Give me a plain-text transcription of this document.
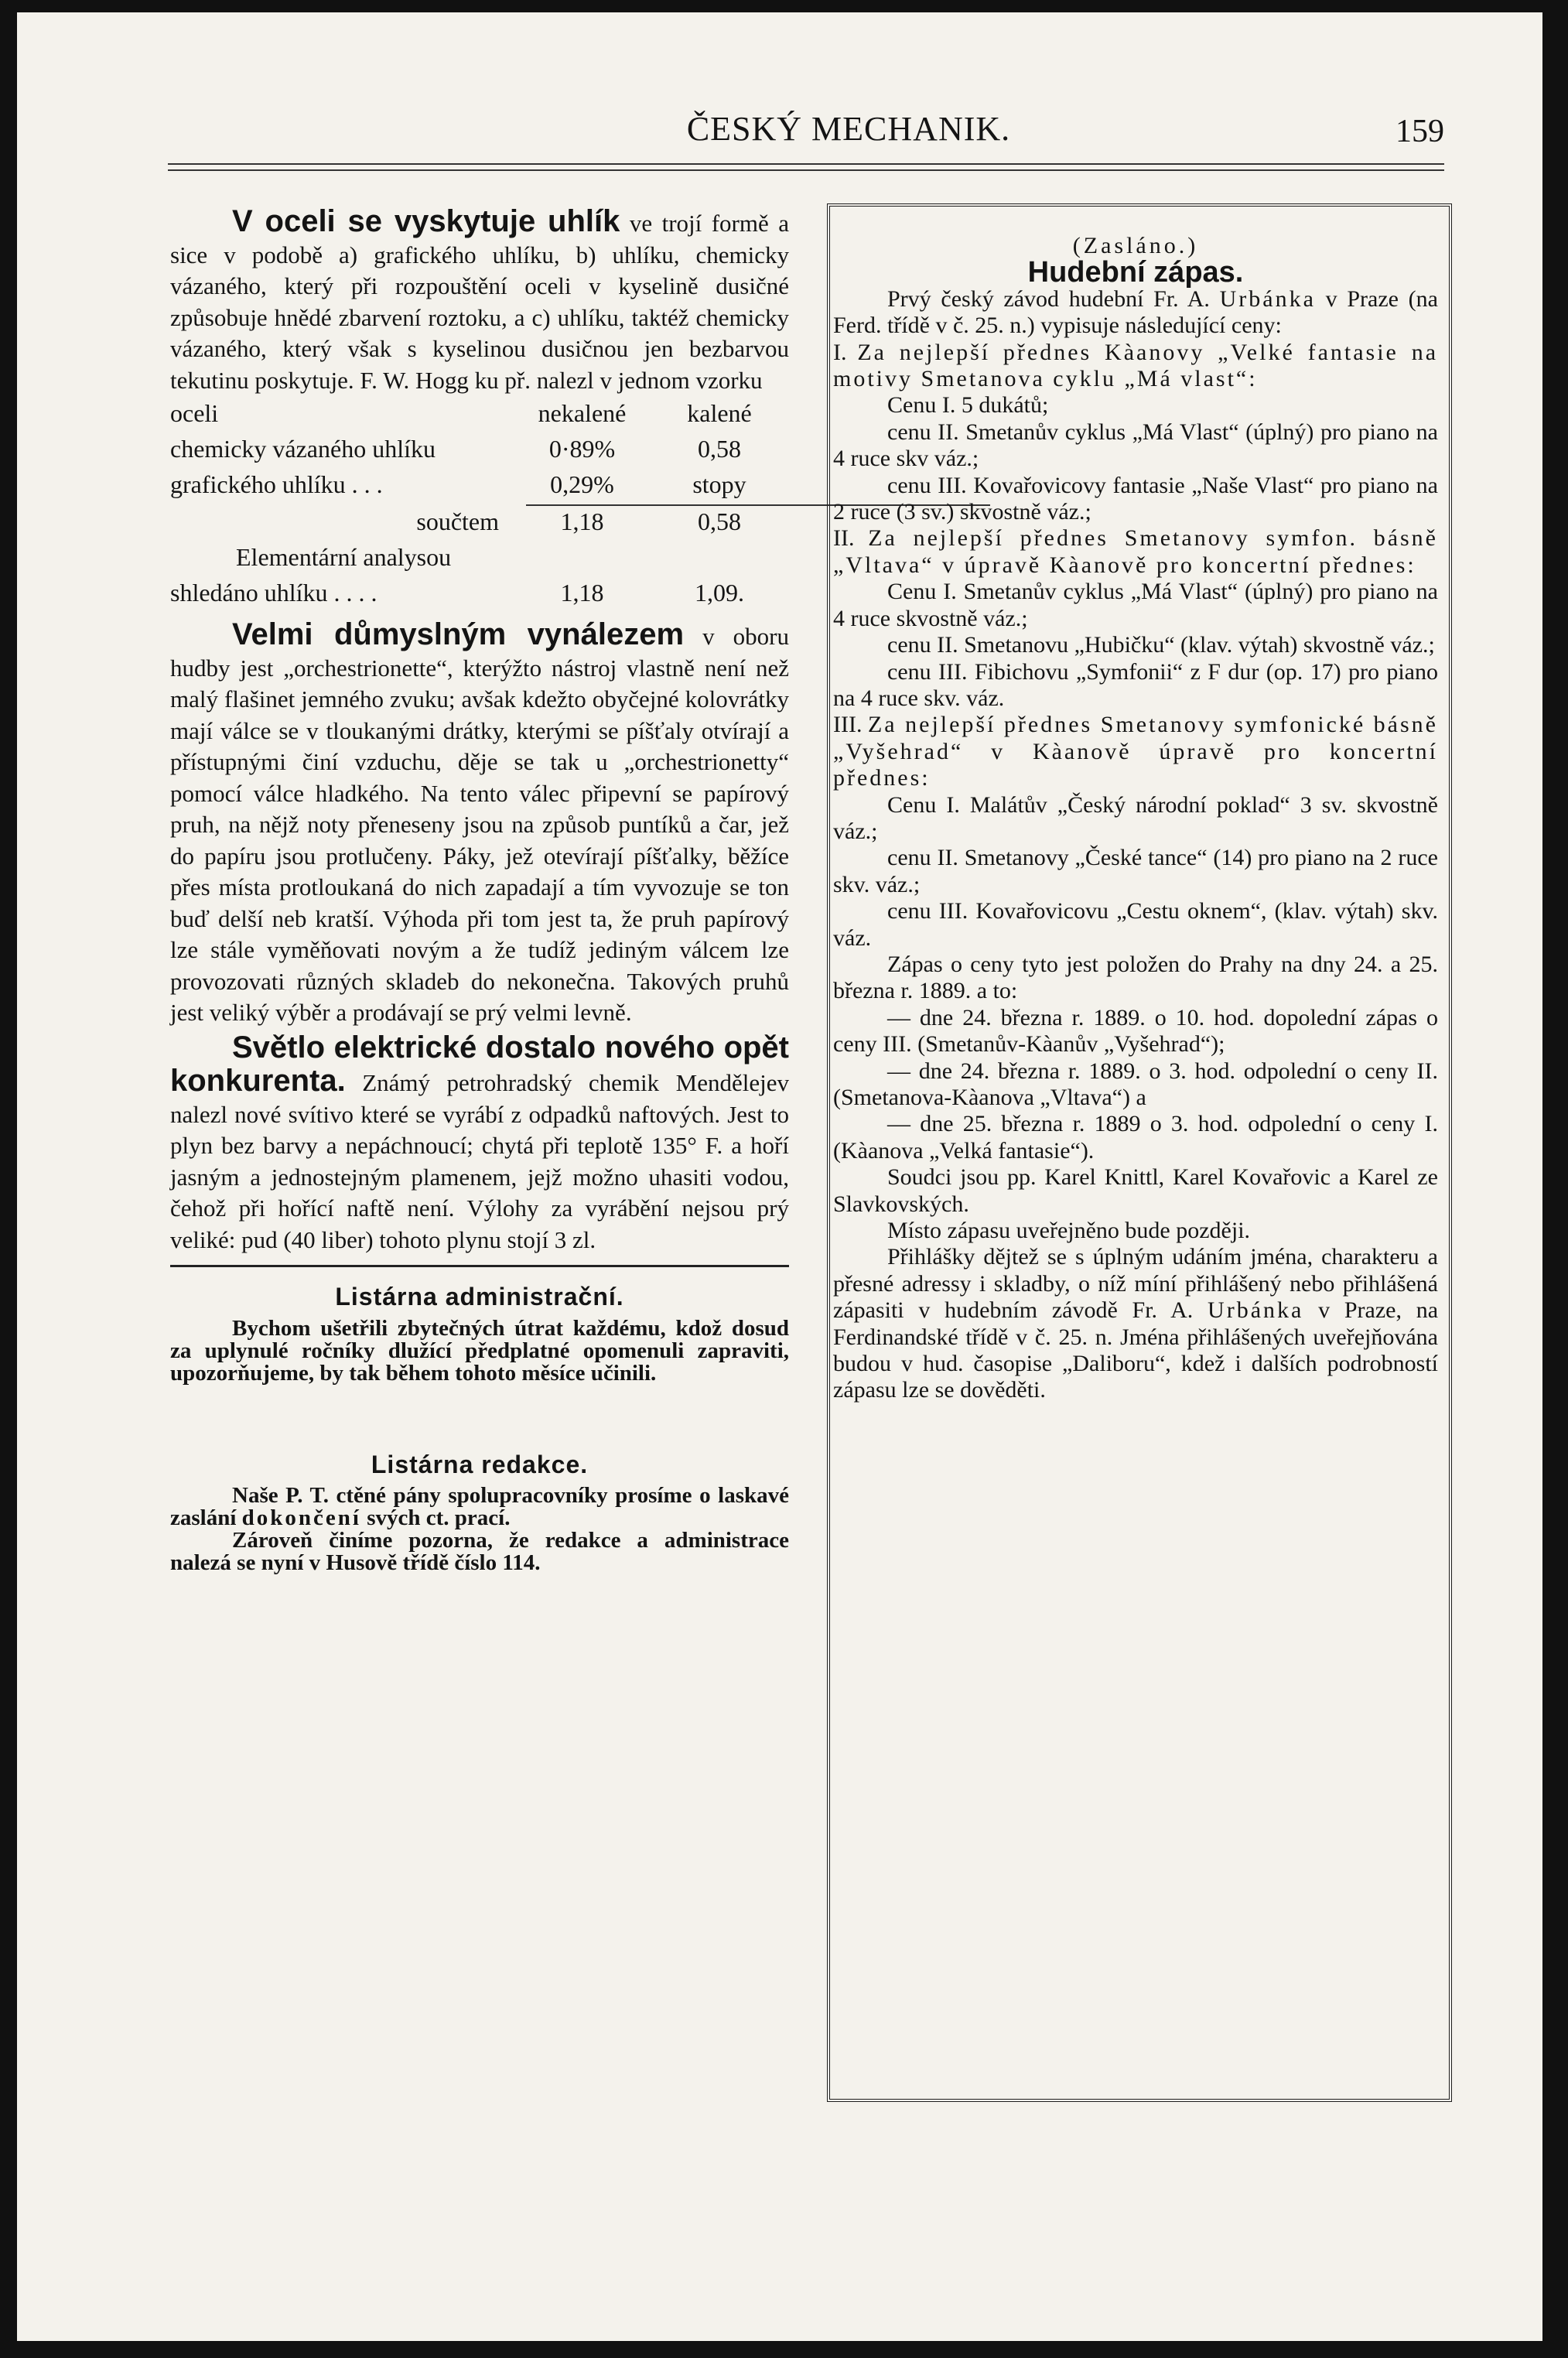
ČESKÝ MECHANIK.	159

V oceli se vyskytuje uhlík ve trojí formě a sice v podobě a) grafického uhlíku, b) uhlíku, chemicky vázaného, který při rozpouštění oceli v kyselině dusičné způsobuje hnědé zbarvení roztoku, a c) uhlíku, taktéž chemicky vázaného, který však s kyselinou dusičnou jen bezbarvou tekutinu poskytuje. F. W. Hogg ku př. nalezl v jednom vzorku

oceli	nekalené	kalené
chemicky vázaného uhlíku	0·89%	0,58
grafického uhlíku . . .	0,29%	stopy
součtem	1,18	0,58
Elementární analysou
shledáno uhlíku . . . .	1,18	1,09.

Velmi důmyslným vynálezem v oboru hudby jest „orchestrionette“, kterýžto nástroj vlastně není než malý flašinet jemného zvuku; avšak kdežto obyčejné kolovrátky mají válce se v tloukanými drátky, kterými se píšťaly otvírají a přístupnými činí vzduchu, děje se tak u „orchestrionetty“ pomocí válce hladkého. Na tento válec připevní se papírový pruh, na nějž noty přeneseny jsou na způsob puntíků a čar, jež do papíru jsou protlučeny. Páky, jež otevírají píšťalky, běžíce přes místa protloukaná do nich zapadají a tím vyvozuje se ton buď delší neb kratší. Výhoda při tom jest ta, že pruh papírový lze stále vyměňovati novým a že tudíž jediným válcem lze provozovati různých skladeb do nekonečna. Takových pruhů jest veliký výběr a prodávají se prý velmi levně.

Světlo elektrické dostalo nového opět konkurenta. Známý petrohradský chemik Mendělejev nalezl nové svítivo které se vyrábí z odpadků naftových. Jest to plyn bez barvy a nepáchnoucí; chytá při teplotě 135° F. a hoří jasným a jednostejným plamenem, jejž možno uhasiti vodou, čehož při hořící naftě není. Výlohy za vyrábění nejsou prý veliké: pud (40 liber) tohoto plynu stojí 3 zl.

Listárna administrační.

Bychom ušetřili zbytečných útrat každému, kdož dosud za uplynulé ročníky dlužící předplatné opomenuli zapraviti, upozorňujeme, by tak během tohoto měsíce učinili.

Listárna redakce.

Naše P. T. ctěné pány spolupracovníky prosíme o laskavé zaslání dokončení svých ct. prací.

Zároveň činíme pozorna, že redakce a administrace nalezá se nyní v Husově třídě číslo 114.

(Zasláno.)

Hudební zápas.

Prvý český závod hudební Fr. A. Urbánka v Praze (na Ferd. třídě v č. 25. n.) vypisuje následující ceny:

I. Za nejlepší přednes Kàanovy „Velké fantasie na motivy Smetanova cyklu „Má vlast“:

Cenu I. 5 dukátů;

cenu II. Smetanův cyklus „Má Vlast“ (úplný) pro piano na 4 ruce skv váz.;

cenu III. Kovařovicovy fantasie „Naše Vlast“ pro piano na 2 ruce (3 sv.) skvostně váz.;

II. Za nejlepší přednes Smetanovy symfon. básně „Vltava“ v úpravě Kàanově pro koncertní přednes:

Cenu I. Smetanův cyklus „Má Vlast“ (úplný) pro piano na 4 ruce skvostně váz.;

cenu II. Smetanovu „Hubičku“ (klav. výtah) skvostně váz.;

cenu III. Fibichovu „Symfonii“ z F dur (op. 17) pro piano na 4 ruce skv. váz.

III. Za nejlepší přednes Smetanovy symfonické básně „Vyšehrad“ v Kàanově úpravě pro koncertní přednes:

Cenu I. Malátův „Český národní poklad“ 3 sv. skvostně váz.;

cenu II. Smetanovy „České tance“ (14) pro piano na 2 ruce skv. váz.;

cenu III. Kovařovicovu „Cestu oknem“, (klav. výtah) skv. váz.

Zápas o ceny tyto jest položen do Prahy na dny 24. a 25. března r. 1889. a to:

— dne 24. března r. 1889. o 10. hod. dopolední zápas o ceny III. (Smetanův-Kàanův „Vyšehrad“);

— dne 24. března r. 1889. o 3. hod. odpolední o ceny II. (Smetanova-Kàanova „Vltava“) a

— dne 25. března r. 1889 o 3. hod. odpolední o ceny I. (Kàanova „Velká fantasie“).

Soudci jsou pp. Karel Knittl, Karel Kovařovic a Karel ze Slavkovských.

Místo zápasu uveřejněno bude později.

Přihlášky dějtež se s úplným udáním jména, charakteru a přesné adressy i skladby, o níž míní přihlášený nebo přihlášená zápasiti v hudebním závodě Fr. A. Urbánka v Praze, na Ferdinandské třídě v č. 25. n. Jména přihlášených uveřejňována budou v hud. časopise „Daliboru“, kdež i dalších podrobností zápasu lze se dověděti.
